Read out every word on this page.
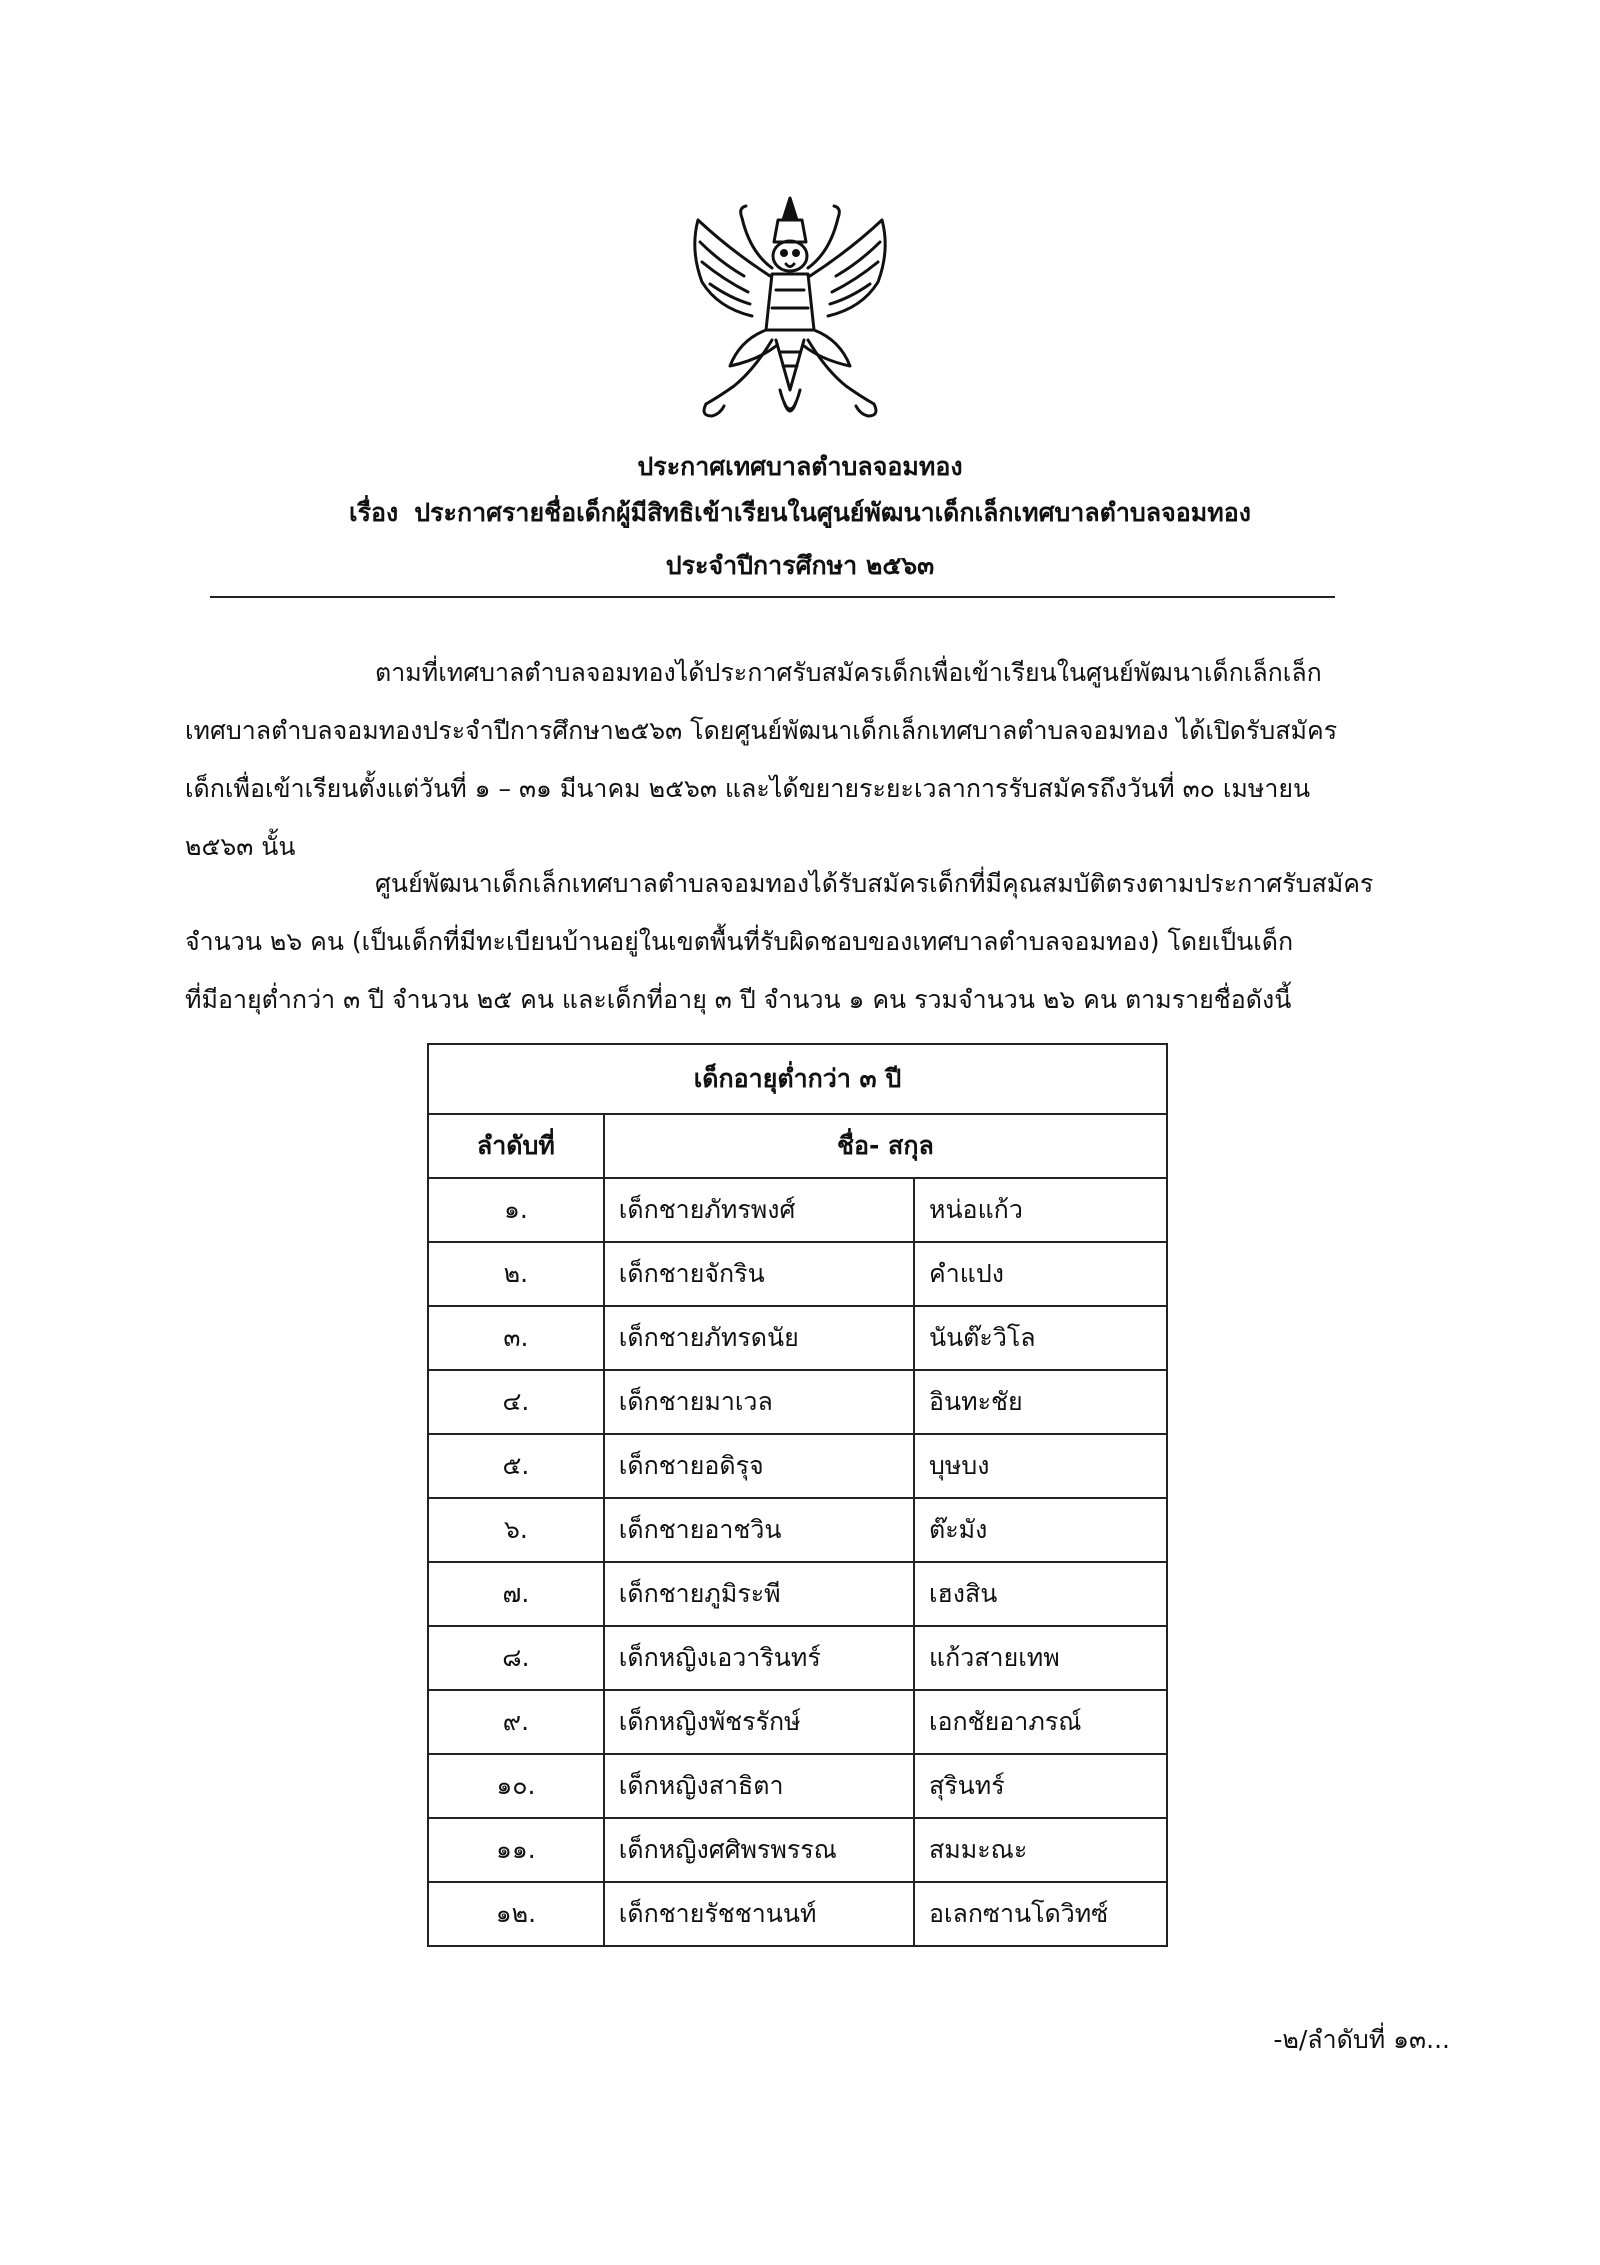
ประกาศเทศบาลตำบลจอมทอง
เรื่อง ประกาศรายชื่อเด็กผู้มีสิทธิเข้าเรียนในศูนย์พัฒนาเด็กเล็กเทศบาลตำบลจอมทอง
ประจำปีการศึกษา ๒๕๖๓
ตามที่เทศบาลตำบลจอมทองได้ประกาศรับสมัครเด็กเพื่อเข้าเรียนในศูนย์พัฒนาเด็กเล็กเล็ก
เทศบาลตำบลจอมทองประจำปีการศึกษา๒๕๖๓ โดยศูนย์พัฒนาเด็กเล็กเทศบาลตำบลจอมทอง ได้เปิดรับสมัคร
เด็กเพื่อเข้าเรียนตั้งแต่วันที่ ๑ – ๓๑ มีนาคม ๒๕๖๓ และได้ขยายระยะเวลาการรับสมัครถึงวันที่ ๓๐ เมษายน
๒๕๖๓ นั้น
ศูนย์พัฒนาเด็กเล็กเทศบาลตำบลจอมทองได้รับสมัครเด็กที่มีคุณสมบัติตรงตามประกาศรับสมัคร
จำนวน ๒๖ คน (เป็นเด็กที่มีทะเบียนบ้านอยู่ในเขตพื้นที่รับผิดชอบของเทศบาลตำบลจอมทอง) โดยเป็นเด็ก
ที่มีอายุต่ำกว่า ๓ ปี จำนวน ๒๕ คน และเด็กที่อายุ ๓ ปี จำนวน ๑ คน รวมจำนวน ๒๖ คน ตามรายชื่อดังนี้
เด็กอายุต่ำกว่า ๓ ปี		
ลำดับที่	ชื่อ- สกุล	
๑.	เด็กชายภัทรพงศ์	หน่อแก้ว
๒.	เด็กชายจักริน	คำแปง
๓.	เด็กชายภัทรดนัย	นันต๊ะวิโล
๔.	เด็กชายมาเวล	อินทะชัย
๕.	เด็กชายอดิรุจ	บุษบง
๖.	เด็กชายอาชวิน	ต๊ะมัง
๗.	เด็กชายภูมิระพี	เฮงสิน
๘.	เด็กหญิงเอวารินทร์	แก้วสายเทพ
๙.	เด็กหญิงพัชรรักษ์	เอกชัยอาภรณ์
๑๐.	เด็กหญิงสาธิตา	สุรินทร์
๑๑.	เด็กหญิงศศิพรพรรณ	สมมะณะ
๑๒.	เด็กชายรัชชานนท์	อเลกซานโดวิทซ์
-๒/ลำดับที่ ๑๓...
